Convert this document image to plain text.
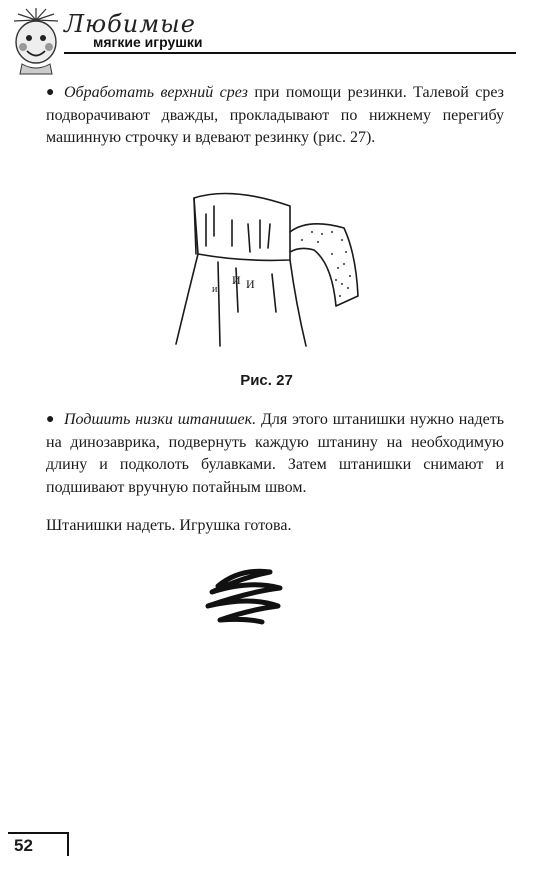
Любимые
мягкие игрушки
● Обработать верхний срез при помощи резинки. Талевой срез подворачивают дважды, прокладывают по нижнему перегибу машинную строчку и вдевают резинку (рис. 27).
И И
и
Рис. 27
● Подшить низки штанишек. Для этого штанишки нужно надеть на динозаврика, подвернуть каждую штанину на необходимую длину и подколоть булавками. Затем штанишки снимают и подшивают вручную потайным швом.
Штанишки надеть. Игрушка готова.
52
